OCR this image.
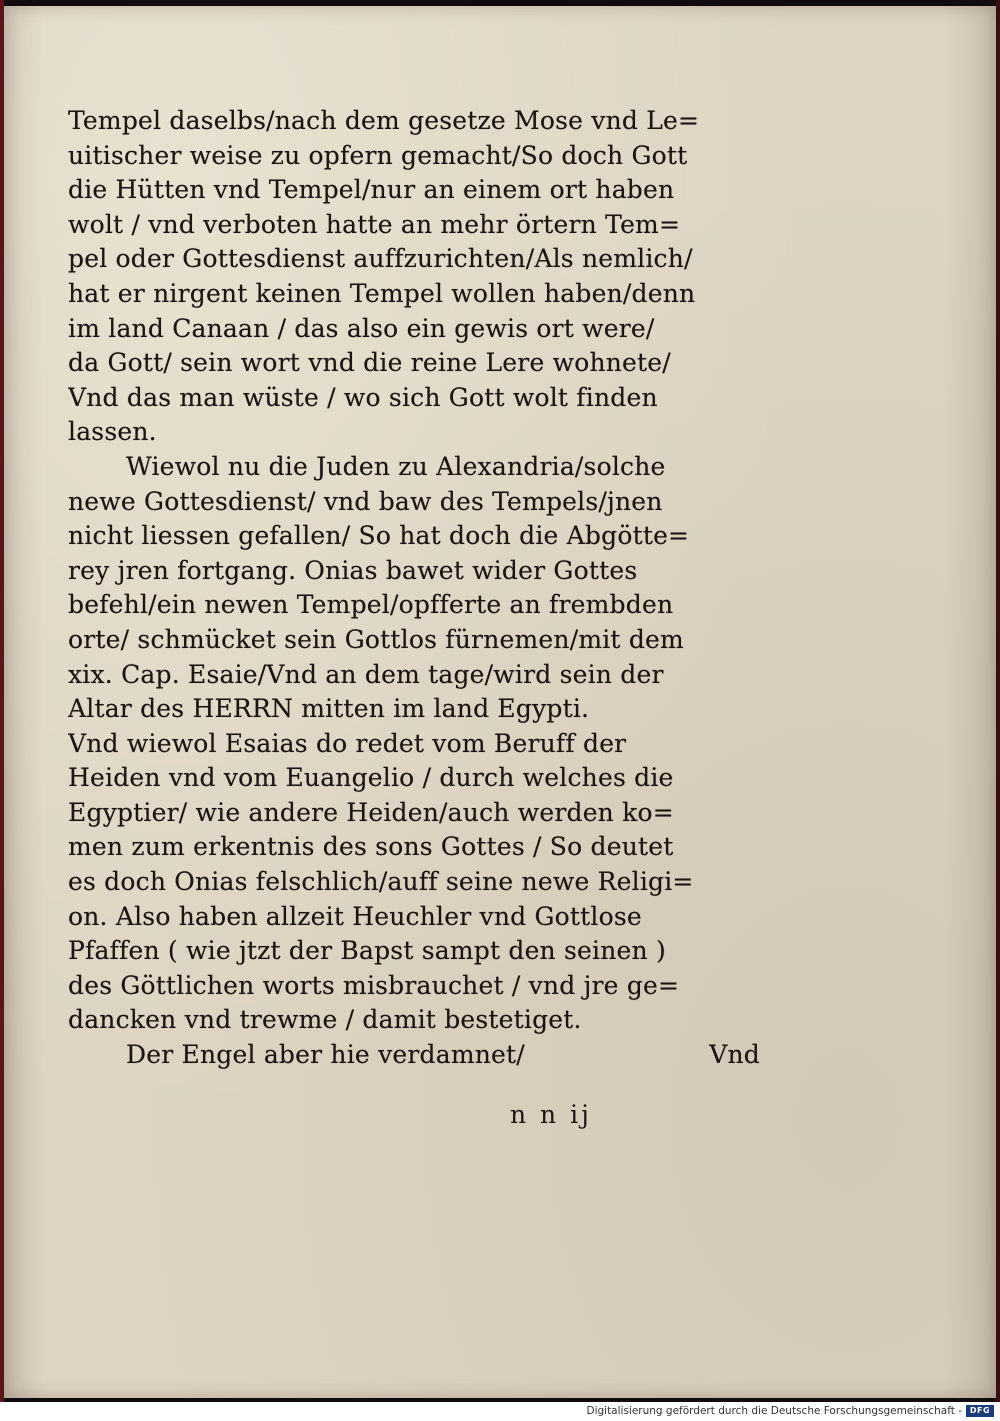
Tempel daselbs/nach dem gesetze Mose vnd Le=
uitischer weise zu opfern gemacht/So doch Gott
die Hütten vnd Tempel/nur an einem ort haben
wolt / vnd verboten hatte an mehr örtern Tem=
pel oder Gottesdienst auffzurichten/Als nemlich/
hat er nirgent keinen Tempel wollen haben/denn
im land Canaan / das also ein gewis ort were/
da Gott/ sein wort vnd die reine Lere wohnete/
Vnd das man wüste / wo sich Gott wolt finden
lassen.
Wiewol nu die Juden zu Alexandria/solche
newe Gottesdienst/ vnd baw des Tempels/jnen
nicht liessen gefallen/ So hat doch die Abgötte=
rey jren fortgang. Onias bawet wider Gottes
befehl/ein newen Tempel/opfferte an frembden
orte/ schmücket sein Gottlos fürnemen/mit dem
xix. Cap. Esaie/Vnd an dem tage/wird sein der
Altar des HERRN mitten im land Egypti.
Vnd wiewol Esaias do redet vom Beruff der
Heiden vnd vom Euangelio / durch welches die
Egyptier/ wie andere Heiden/auch werden ko=
men zum erkentnis des sons Gottes / So deutet
es doch Onias felschlich/auff seine newe Religi=
on. Also haben allzeit Heuchler vnd Gottlose
Pfaffen ( wie jtzt der Bapst sampt den seinen )
des Göttlichen worts misbrauchet / vnd jre ge=
dancken vnd trewme / damit bestetiget.
Der Engel aber hie verdamnet/	Vnd
n n ij
Digitalisierung gefördert durch die Deutsche Forschungsgemeinschaft - DFG
